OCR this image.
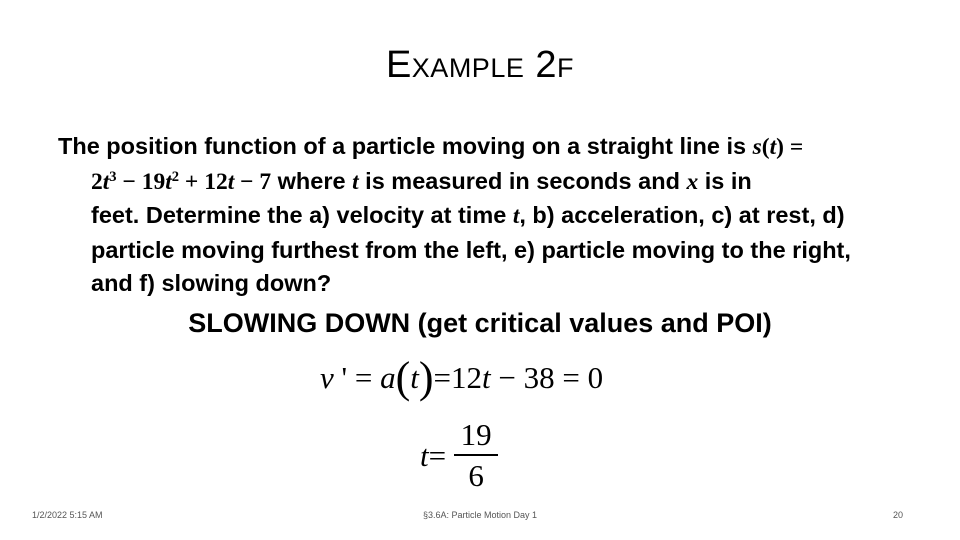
Example 2f
The position function of a particle moving on a straight line is s(t) =
$2t^3 - 19t^2 + 12t - 7$ where t is measured in seconds and x is in
feet. Determine the a) velocity at time t, b) acceleration, c) at rest, d)
particle moving furthest from the left, e) particle moving to the right,
and f) slowing down?
SLOWING DOWN (get critical values and POI)
v ' = a(t)=12t − 38 = 0
$t = \frac{19}{6}$
1/2/2022 5:15 AM	§3.6A: Particle Motion Day 1	20
